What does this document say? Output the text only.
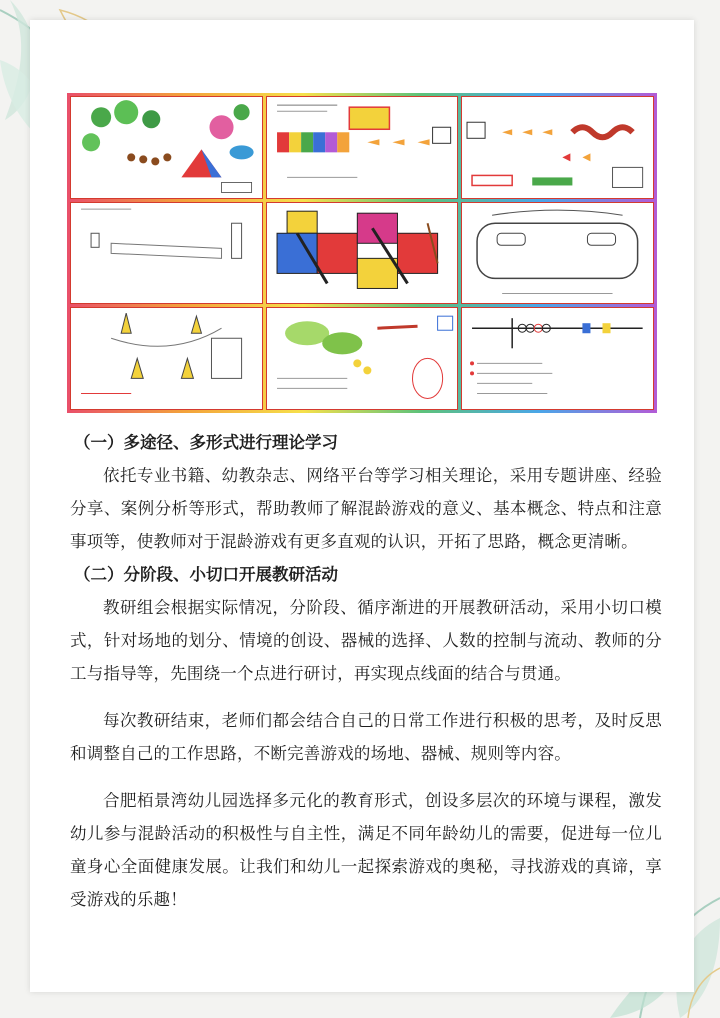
（一）多途径、多形式进行理论学习

依托专业书籍、幼教杂志、网络平台等学习相关理论，采用专题讲座、经验分享、案例分析等形式，帮助教师了解混龄游戏的意义、基本概念、特点和注意事项等，使教师对于混龄游戏有更多直观的认识，开拓了思路，概念更清晰。

（二）分阶段、小切口开展教研活动

教研组会根据实际情况，分阶段、循序渐进的开展教研活动，采用小切口模式，针对场地的划分、情境的创设、器械的选择、人数的控制与流动、教师的分工与指导等，先围绕一个点进行研讨，再实现点线面的结合与贯通。

每次教研结束，老师们都会结合自己的日常工作进行积极的思考，及时反思和调整自己的工作思路，不断完善游戏的场地、器械、规则等内容。

合肥栢景湾幼儿园选择多元化的教育形式，创设多层次的环境与课程，激发幼儿参与混龄活动的积极性与自主性，满足不同年龄幼儿的需要，促进每一位儿童身心全面健康发展。让我们和幼儿一起探索游戏的奥秘，寻找游戏的真谛，享受游戏的乐趣！
